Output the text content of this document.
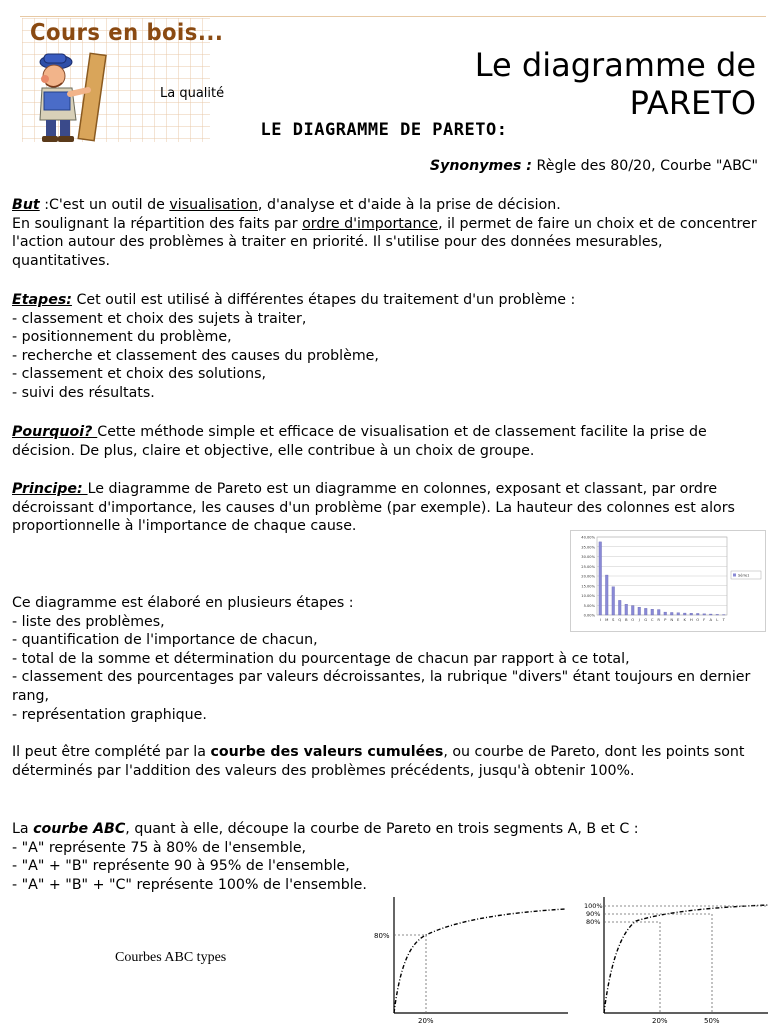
Cours en bois...
La qualité
Le diagramme de
PARETO
LE DIAGRAMME DE PARETO:
Synonymes : Règle des 80/20, Courbe "ABC"

But :C'est un outil de visualisation, d'analyse et d'aide à la prise de décision.

En soulignant la répartition des faits par ordre d'importance, il permet de faire un choix et de concentrer l'action autour des problèmes à traiter en priorité. Il s'utilise pour des données mesurables, quantitatives.

Etapes: Cet outil est utilisé à différentes étapes du traitement d'un problème :

- classement et choix des sujets à traiter,

- positionnement du problème,

- recherche et classement des causes du problème,

- classement et choix des solutions,

- suivi des résultats.

Pourquoi? Cette méthode simple et efficace de visualisation et de classement facilite la prise de décision. De plus, claire et objective, elle contribue à un choix de groupe.

Principe: Le diagramme de Pareto est un diagramme en colonnes, exposant et classant, par ordre décroissant d'importance, les causes d'un problème (par exemple). La hauteur des colonnes est alors proportionnelle à l'importance de chaque cause.

0.00%
5.00%
10.00%
15.00%
20.00%
25.00%
30.00%
35.00%
40.00%
I M S Q B O J G C R P N E K H O F A L T
Série1

Ce diagramme est élaboré en plusieurs étapes :

- liste des problèmes,

- quantification de l'importance de chacun,

- total de la somme et détermination du pourcentage de chacun par rapport à ce total,

- classement des pourcentages par valeurs décroissantes, la rubrique "divers" étant toujours en dernier rang,

- représentation graphique.

Il peut être complété par la courbe des valeurs cumulées, ou courbe de Pareto, dont les points sont déterminés par l'addition des valeurs des problèmes précédents, jusqu'à obtenir 100%.

La courbe ABC, quant à elle, découpe la courbe de Pareto en trois segments A, B et C :

- "A" représente 75 à 80% de l'ensemble,

- "A" + "B" représente 90 à 95% de l'ensemble,

- "A" + "B" + "C" représente 100% de l'ensemble.

Courbes ABC types
80%
20%
100%
90%
80%
20%	50%
